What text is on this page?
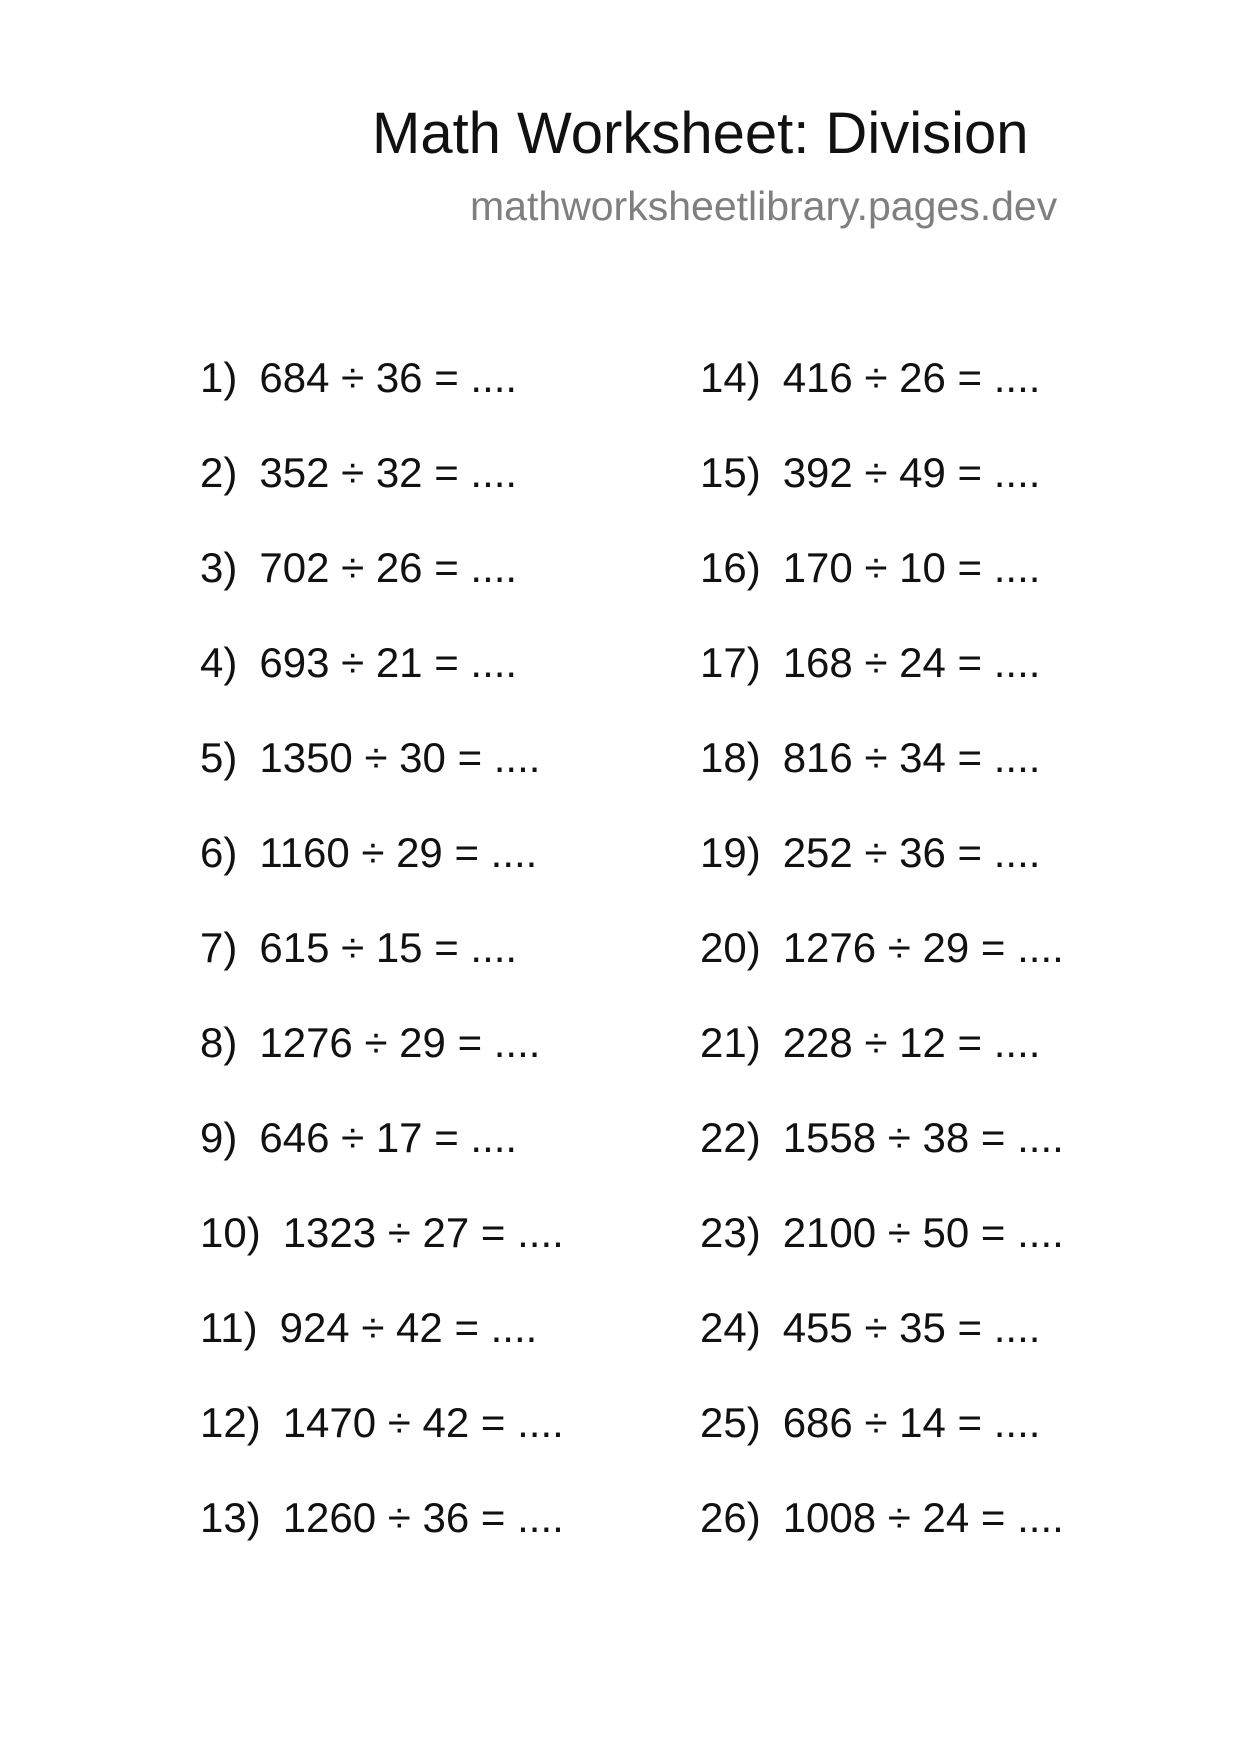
Math Worksheet: Division
mathworksheetlibrary.pages.dev
1) 684 ÷ 36 = ....
2) 352 ÷ 32 = ....
3) 702 ÷ 26 = ....
4) 693 ÷ 21 = ....
5) 1350 ÷ 30 = ....
6) 1160 ÷ 29 = ....
7) 615 ÷ 15 = ....
8) 1276 ÷ 29 = ....
9) 646 ÷ 17 = ....
10) 1323 ÷ 27 = ....
11) 924 ÷ 42 = ....
12) 1470 ÷ 42 = ....
13) 1260 ÷ 36 = ....
14) 416 ÷ 26 = ....
15) 392 ÷ 49 = ....
16) 170 ÷ 10 = ....
17) 168 ÷ 24 = ....
18) 816 ÷ 34 = ....
19) 252 ÷ 36 = ....
20) 1276 ÷ 29 = ....
21) 228 ÷ 12 = ....
22) 1558 ÷ 38 = ....
23) 2100 ÷ 50 = ....
24) 455 ÷ 35 = ....
25) 686 ÷ 14 = ....
26) 1008 ÷ 24 = ....
